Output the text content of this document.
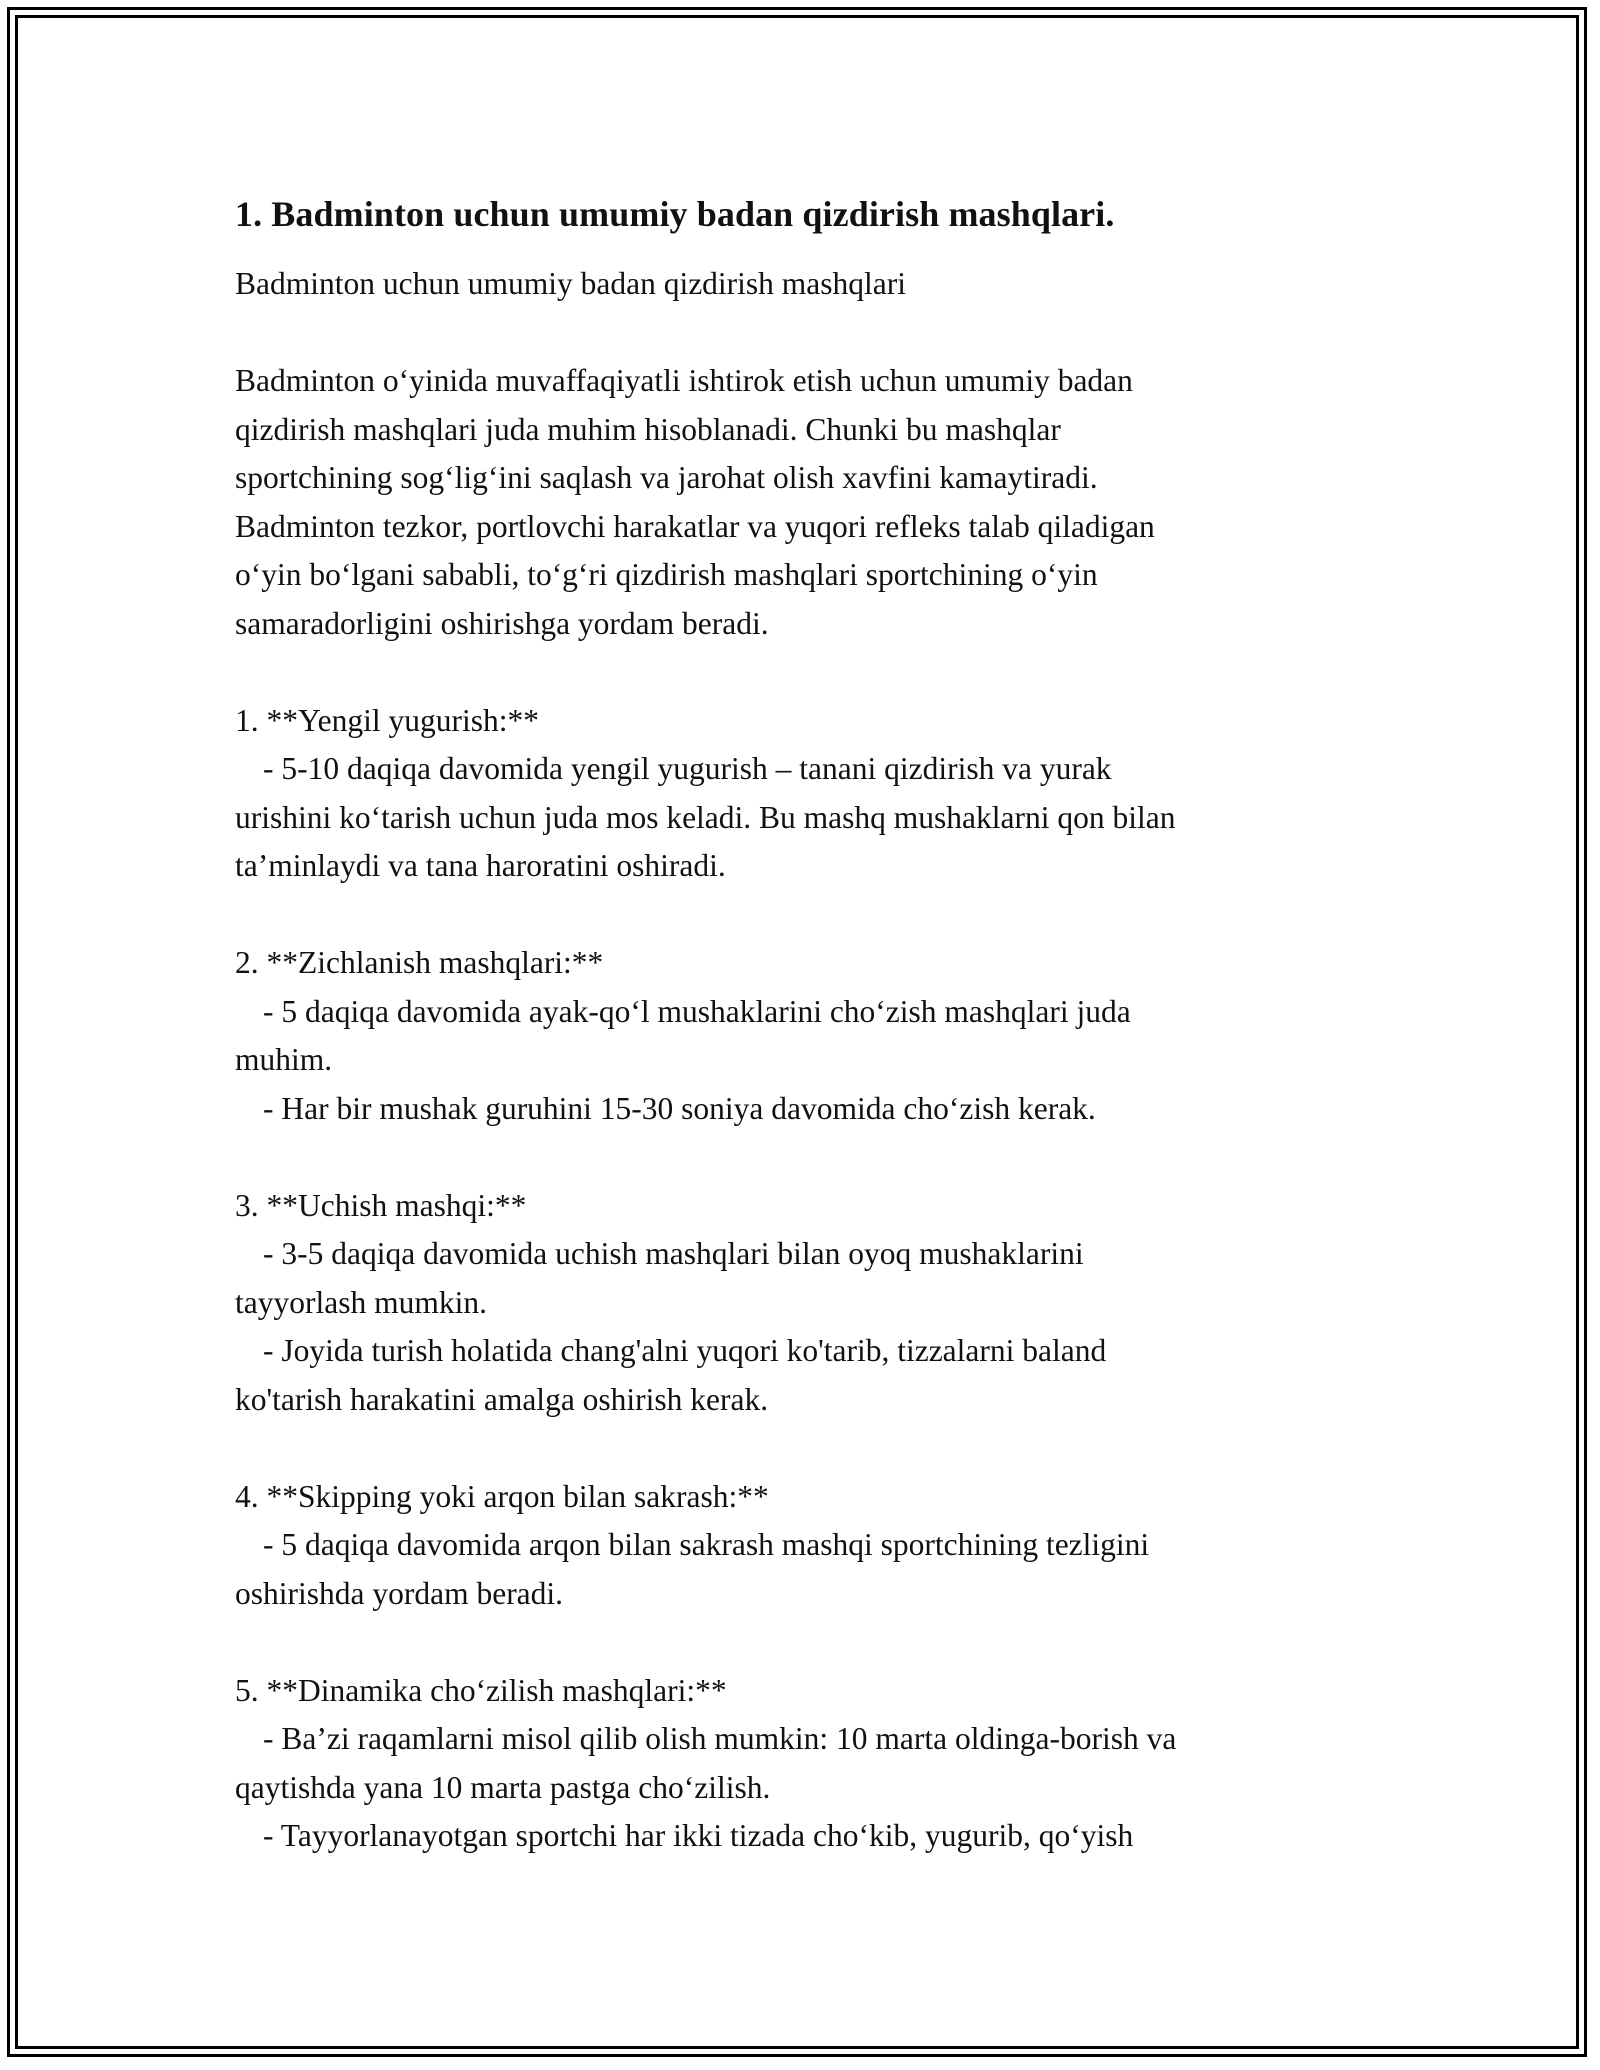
1. Badminton uchun umumiy badan qizdirish mashqlari.
Badminton uchun umumiy badan qizdirish mashqlari
Badminton o‘yinida muvaffaqiyatli ishtirok etish uchun umumiy badan
qizdirish mashqlari juda muhim hisoblanadi. Chunki bu mashqlar
sportchining sog‘lig‘ini saqlash va jarohat olish xavfini kamaytiradi.
Badminton tezkor, portlovchi harakatlar va yuqori refleks talab qiladigan
o‘yin bo‘lgani sababli, to‘g‘ri qizdirish mashqlari sportchining o‘yin
samaradorligini oshirishga yordam beradi.
1. **Yengil yugurish:**
- 5-10 daqiqa davomida yengil yugurish – tanani qizdirish va yurak
urishini ko‘tarish uchun juda mos keladi. Bu mashq mushaklarni qon bilan
ta’minlaydi va tana haroratini oshiradi.
2. **Zichlanish mashqlari:**
- 5 daqiqa davomida ayak-qo‘l mushaklarini cho‘zish mashqlari juda
muhim.
- Har bir mushak guruhini 15-30 soniya davomida cho‘zish kerak.
3. **Uchish mashqi:**
- 3-5 daqiqa davomida uchish mashqlari bilan oyoq mushaklarini
tayyorlash mumkin.
- Joyida turish holatida chang'alni yuqori ko'tarib, tizzalarni baland
ko'tarish harakatini amalga oshirish kerak.
4. **Skipping yoki arqon bilan sakrash:**
- 5 daqiqa davomida arqon bilan sakrash mashqi sportchining tezligini
oshirishda yordam beradi.
5. **Dinamika cho‘zilish mashqlari:**
- Ba’zi raqamlarni misol qilib olish mumkin: 10 marta oldinga-borish va
qaytishda yana 10 marta pastga cho‘zilish.
- Tayyorlanayotgan sportchi har ikki tizada cho‘kib, yugurib, qo‘yish
